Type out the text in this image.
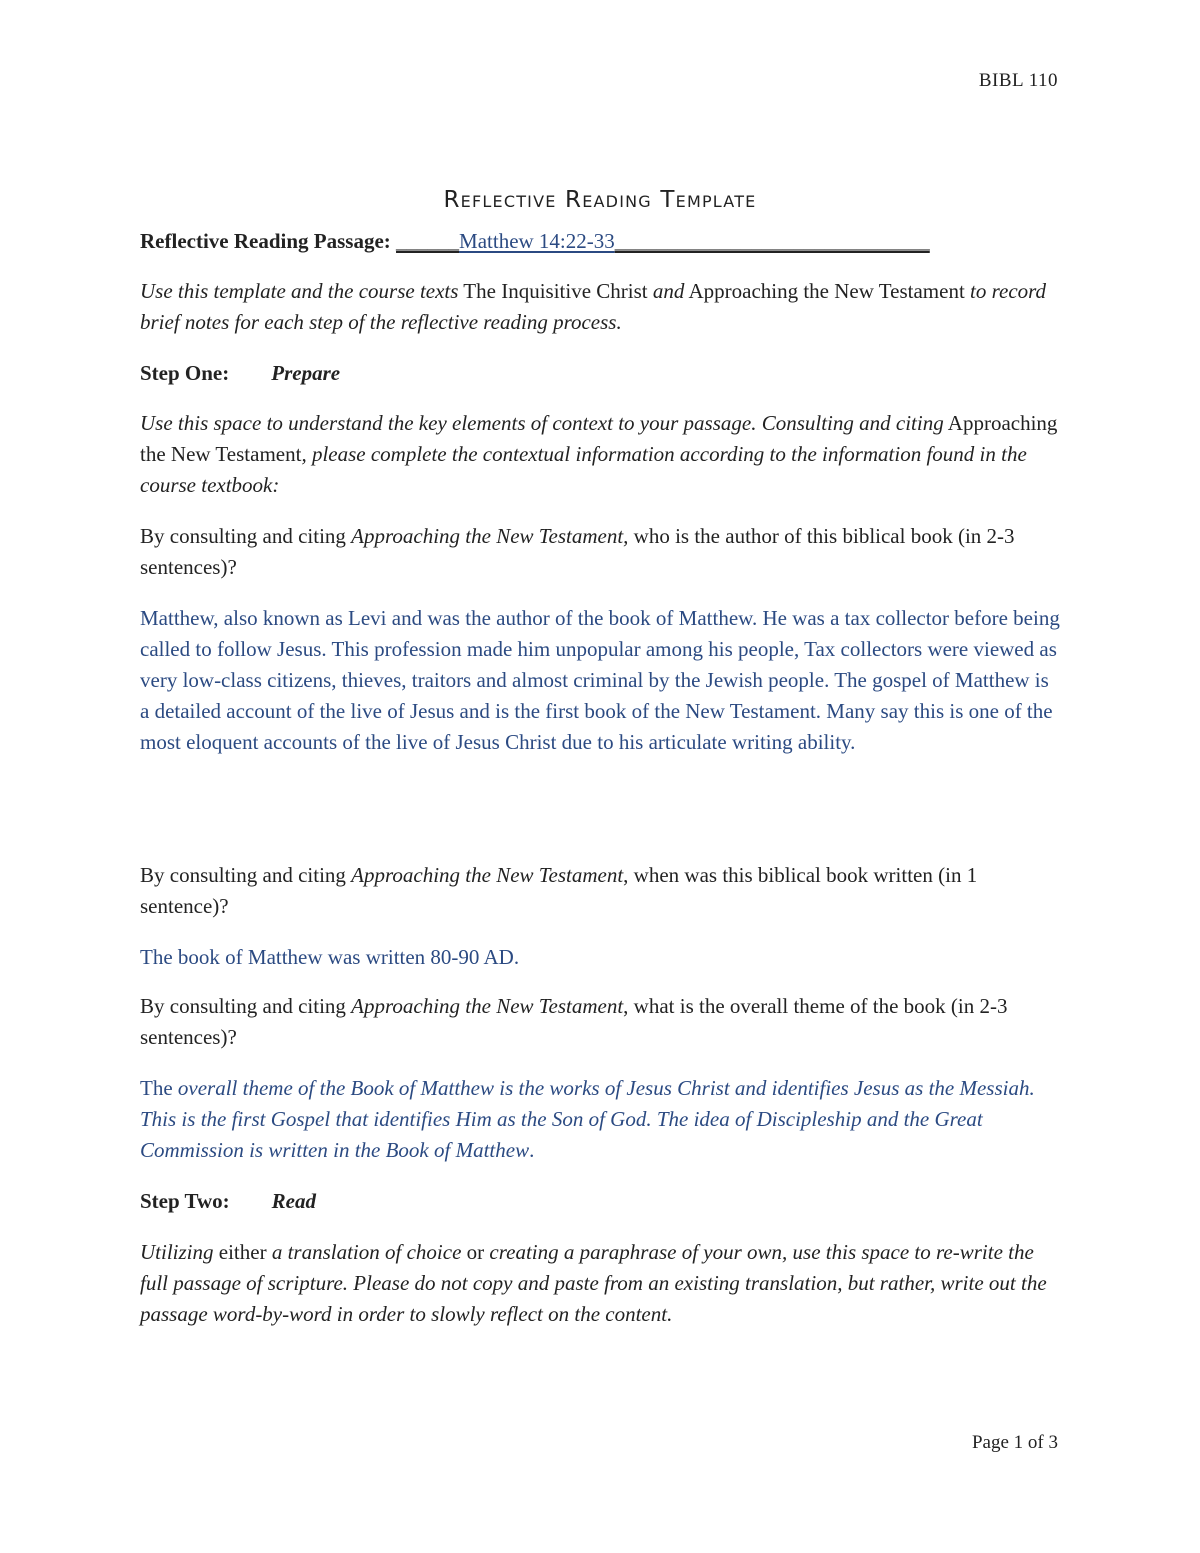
BIBL 110
Reflective Reading Template

Reflective Reading Passage: ______Matthew 14:22-33______________________________

Use this template and the course texts The Inquisitive Christ and Approaching the New Testament to record brief notes for each step of the reflective reading process.

Step One: Prepare

Use this space to understand the key elements of context to your passage. Consulting and citing Approaching the New Testament, please complete the contextual information according to the information found in the course textbook:

By consulting and citing Approaching the New Testament, who is the author of this biblical book (in 2-3 sentences)?

Matthew, also known as Levi and was the author of the book of Matthew. He was a tax collector before being called to follow Jesus. This profession made him unpopular among his people, Tax collectors were viewed as very low-class citizens, thieves, traitors and almost criminal by the Jewish people. The gospel of Matthew is a detailed account of the live of Jesus and is the first book of the New Testament. Many say this is one of the most eloquent accounts of the live of Jesus Christ due to his articulate writing ability.

By consulting and citing Approaching the New Testament, when was this biblical book written (in 1 sentence)?

The book of Matthew was written 80-90 AD.

By consulting and citing Approaching the New Testament, what is the overall theme of the book (in 2-3 sentences)?

The overall theme of the Book of Matthew is the works of Jesus Christ and identifies Jesus as the Messiah. This is the first Gospel that identifies Him as the Son of God. The idea of Discipleship and the Great Commission is written in the Book of Matthew.

Step Two: Read

Utilizing either a translation of choice or creating a paraphrase of your own, use this space to re-write the full passage of scripture. Please do not copy and paste from an existing translation, but rather, write out the passage word-by-word in order to slowly reflect on the content.

Page 1 of 3
